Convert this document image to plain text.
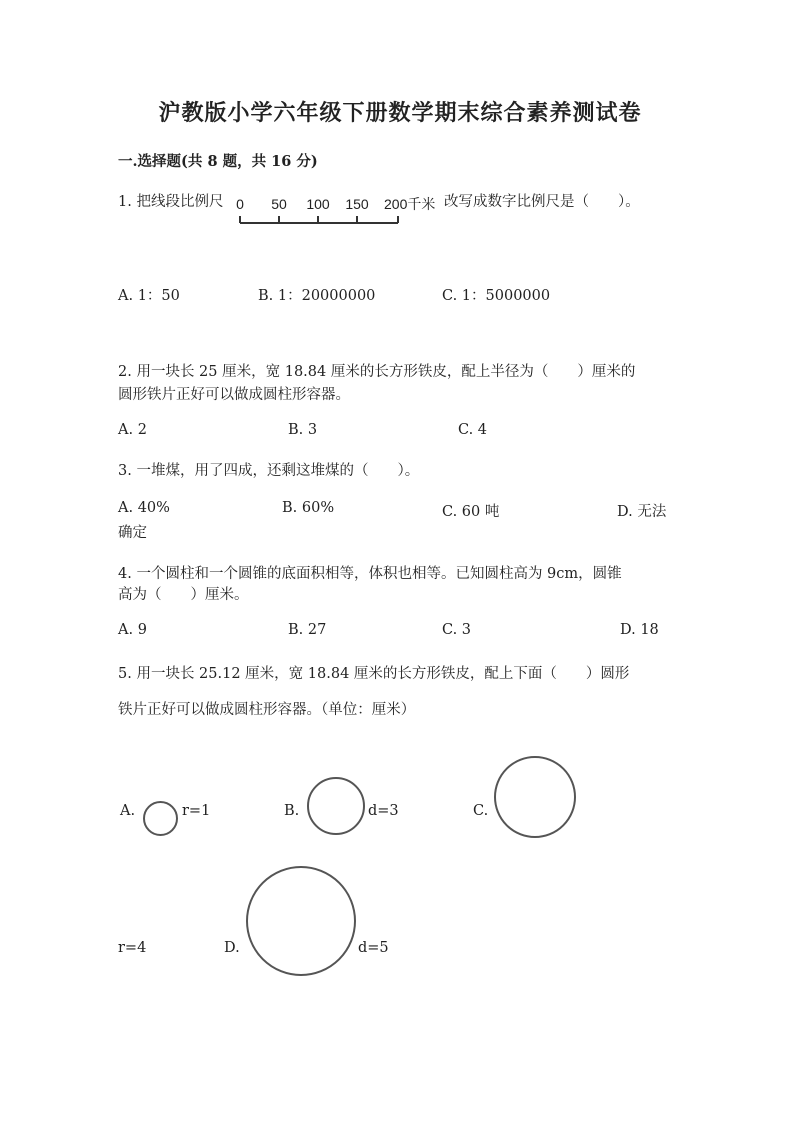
沪教版小学六年级下册数学期末综合素养测试卷
一.选择题(共 8 题，共 16 分)
1. 把线段比例尺 0 50 100 150 200千米 改写成数字比例尺是（　　）。
A. 1：50	B. 1：20000000	C. 1：5000000
2. 用一块长 25 厘米，宽 18.84 厘米的长方形铁皮，配上半径为（　　）厘米的
圆形铁片正好可以做成圆柱形容器。
A. 2	B. 3	C. 4
3. 一堆煤，用了四成，还剩这堆煤的（　　）。
A. 40%	B. 60%	C. 60 吨	D. 无法
确定
4. 一个圆柱和一个圆锥的底面积相等，体积也相等。已知圆柱高为 9cm，圆锥
高为（　　）厘米。
A. 9	B. 27	C. 3	D. 18
5. 用一块长 25.12 厘米，宽 18.84 厘米的长方形铁皮，配上下面（　　）圆形
铁片正好可以做成圆柱形容器。（单位：厘米）
A.	r=1	B.	d=3	C.
r=4	D.	d=5
